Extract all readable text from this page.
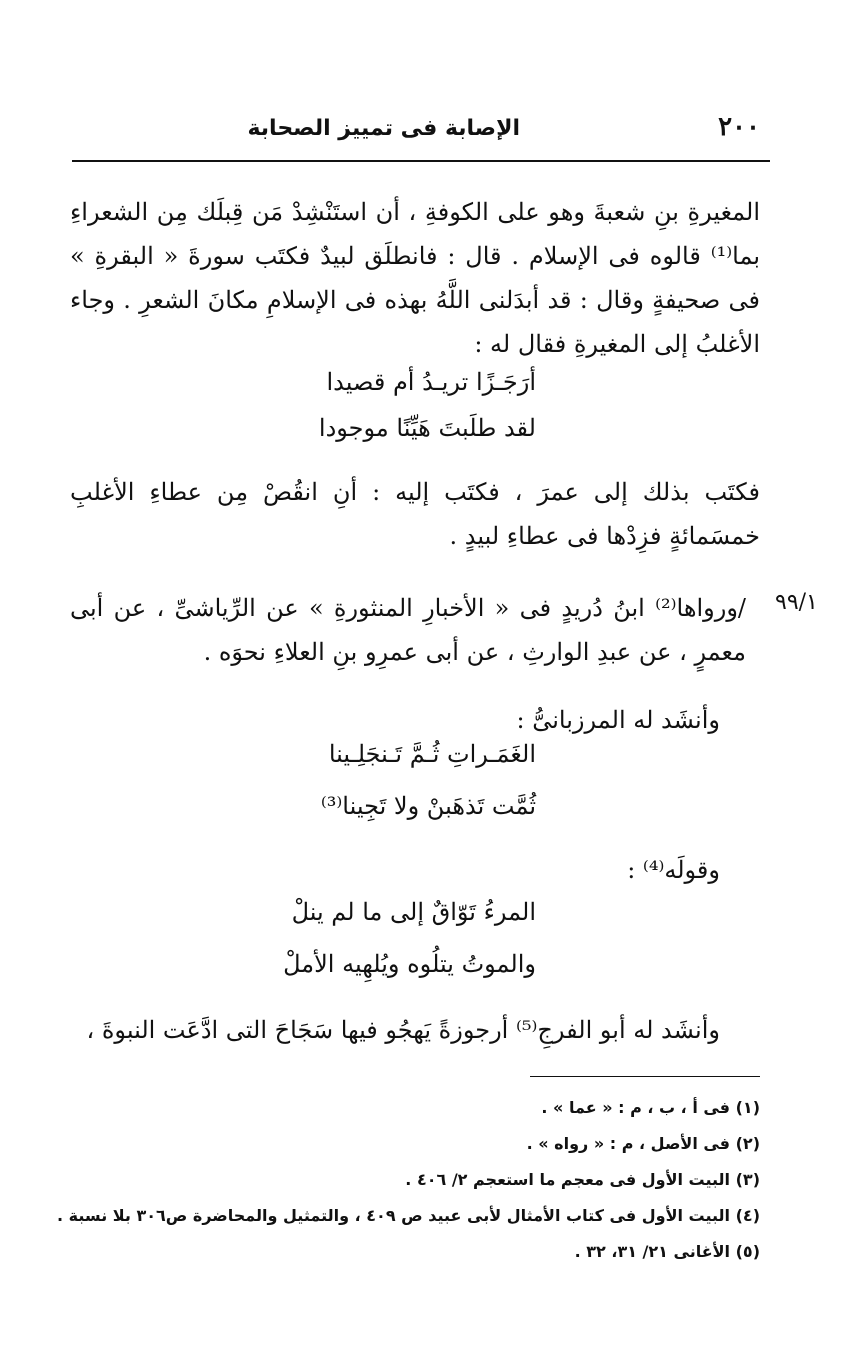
٢٠٠
الإصابة فى تمييز الصحابة
المغيرةِ بنِ شعبةَ وهو على الكوفةِ ، أن استَنْشِدْ مَن قِبلَك مِن الشعراءِ بما⁽¹⁾ قالوه فى الإسلام . قال : فانطلَق لبيدٌ فكتَب سورةَ « البقرةِ » فى صحيفةٍ وقال : قد أبدَلنى اللَّهُ بهذه فى الإسلامِ مكانَ الشعرِ . وجاء الأغلبُ إلى المغيرةِ فقال له :
أرَجَـزًا تريـدُ أم قصيدا
لقد طلَبتَ هَيِّنًا موجودا
فكتَب بذلك إلى عمرَ ، فكتَب إليه : أنِ انقُصْ مِن عطاءِ الأغلبِ خمسَمائةٍ فزِدْها فى عطاءِ لبيدٍ .
٩٩/١
/ورواها⁽²⁾ ابنُ دُريدٍ فى « الأخبارِ المنثورةِ » عن الرِّياشىِّ ، عن أبى معمرٍ ، عن عبدِ الوارثِ ، عن أبى عمرِو بنِ العلاءِ نحوَه .
وأنشَد له المرزبانىُّ :
الغَمَـراتِ ثُـمَّ تَـنجَلِـينا
ثُمَّت تَذهَبنْ ولا تَجِينا⁽³⁾
وقولَه⁽⁴⁾ :
المرءُ تَوّاقٌ إلى ما لم ينلْ
والموتُ يتلُوه ويُلهِيه الأملْ
وأنشَد له أبو الفرجِ⁽⁵⁾ أرجوزةً يَهجُو فيها سَجَاحَ التى ادَّعَت النبوةَ ،
(١) فى أ ، ب ، م : « عما » .
(٢) فى الأصل ، م : « رواه » .
(٣) البيت الأول فى معجم ما استعجم ٢/ ٤٠٦ .
(٤) البيت الأول فى كتاب الأمثال لأبى عبيد ص ٤٠٩ ، والتمثيل والمحاضرة ص٣٠٦ بلا نسبة .
(٥) الأغانى ٢١/ ٣١، ٣٢ .
